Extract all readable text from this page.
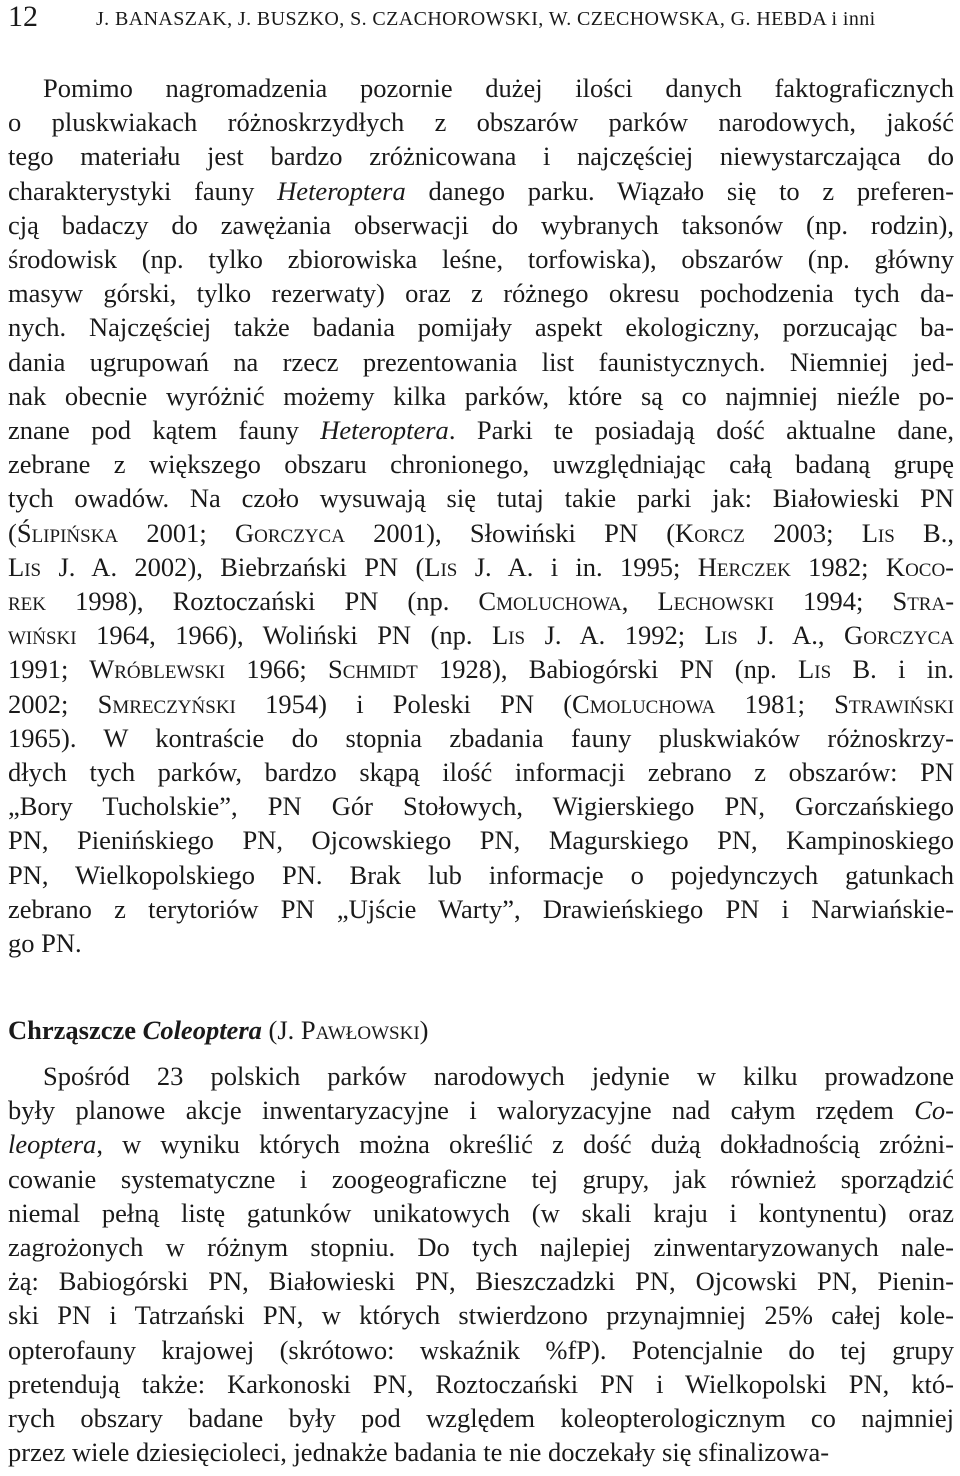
12	J. BANASZAK, J. BUSZKO, S. CZACHOROWSKI, W. CZECHOWSKA, G. HEBDA i inni
Pomimo nagromadzenia pozornie dużej ilości danych faktograficznych
o pluskwiakach różnoskrzydłych z obszarów parków narodowych, jakość
tego materiału jest bardzo zróżnicowana i najczęściej niewystarczająca do
charakterystyki fauny Heteroptera danego parku. Wiązało się to z preferen-
cją badaczy do zawężania obserwacji do wybranych taksonów (np. rodzin),
środowisk (np. tylko zbiorowiska leśne, torfowiska), obszarów (np. główny
masyw górski, tylko rezerwaty) oraz z różnego okresu pochodzenia tych da-
nych. Najczęściej także badania pomijały aspekt ekologiczny, porzucając ba-
dania ugrupowań na rzecz prezentowania list faunistycznych. Niemniej jed-
nak obecnie wyróżnić możemy kilka parków, które są co najmniej nieźle po-
znane pod kątem fauny Heteroptera. Parki te posiadają dość aktualne dane,
zebrane z większego obszaru chronionego, uwzględniając całą badaną grupę
tych owadów. Na czoło wysuwają się tutaj takie parki jak: Białowieski PN
(Ślipińska 2001; Gorczyca 2001), Słowiński PN (Korcz 2003; Lis B.,
Lis J. A. 2002), Biebrzański PN (Lis J. A. i in. 1995; Herczek 1982; Koco-
rek 1998), Roztoczański PN (np. Cmoluchowa, Lechowski 1994; Stra-
wiński 1964, 1966), Woliński PN (np. Lis J. A. 1992; Lis J. A., Gorczyca
1991; Wróblewski 1966; Schmidt 1928), Babiogórski PN (np. Lis B. i in.
2002; Smreczyński 1954) i Poleski PN (Cmoluchowa 1981; Strawiński
1965). W kontraście do stopnia zbadania fauny pluskwiaków różnoskrzy-
dłych tych parków, bardzo skąpą ilość informacji zebrano z obszarów: PN
„Bory Tucholskie”, PN Gór Stołowych, Wigierskiego PN, Gorczańskiego
PN, Pienińskiego PN, Ojcowskiego PN, Magurskiego PN, Kampinoskiego
PN, Wielkopolskiego PN. Brak lub informacje o pojedynczych gatunkach
zebrano z terytoriów PN „Ujście Warty”, Drawieńskiego PN i Narwiańskie-
go PN.
Chrząszcze Coleoptera (J. Pawłowski)
Spośród 23 polskich parków narodowych jedynie w kilku prowadzone
były planowe akcje inwentaryzacyjne i waloryzacyjne nad całym rzędem Co-
leoptera, w wyniku których można określić z dość dużą dokładnością zróżni-
cowanie systematyczne i zoogeograficzne tej grupy, jak również sporządzić
niemal pełną listę gatunków unikatowych (w skali kraju i kontynentu) oraz
zagrożonych w różnym stopniu. Do tych najlepiej zinwentaryzowanych nale-
żą: Babiogórski PN, Białowieski PN, Bieszczadzki PN, Ojcowski PN, Pienin-
ski PN i Tatrzański PN, w których stwierdzono przynajmniej 25% całej kole-
opterofauny krajowej (skrótowo: wskaźnik %fP). Potencjalnie do tej grupy
pretendują także: Karkonoski PN, Roztoczański PN i Wielkopolski PN, któ-
rych obszary badane były pod względem koleopterologicznym co najmniej
przez wiele dziesięcioleci, jednakże badania te nie doczekały się sfinalizowa-
